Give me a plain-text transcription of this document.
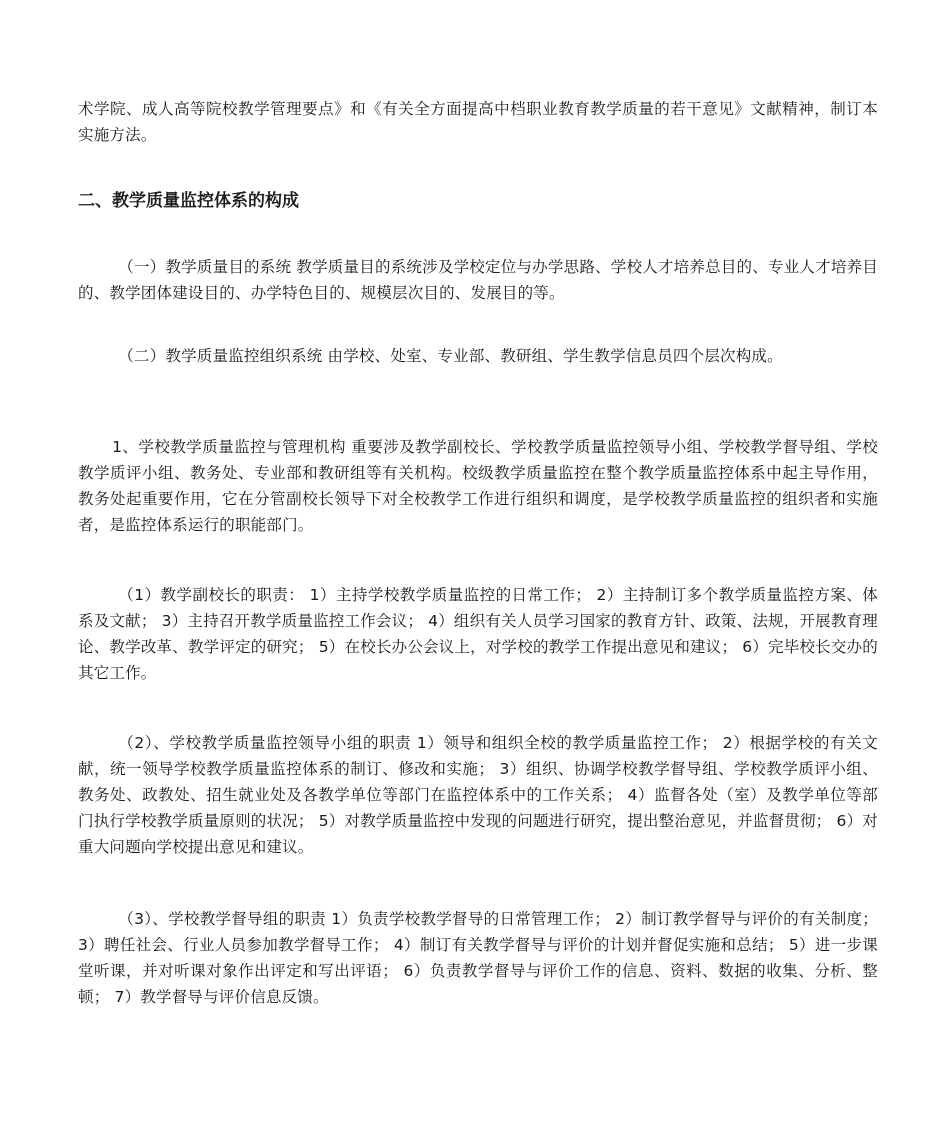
术学院、成人高等院校教学管理要点》和《有关全方面提高中档职业教育教学质量的若干意见》文献精神，制订本实施方法。

二、教学质量监控体系的构成

（一）教学质量目的系统 教学质量目的系统涉及学校定位与办学思路、学校人才培养总目的、专业人才培养目的、教学团体建设目的、办学特色目的、规模层次目的、发展目的等。

（二）教学质量监控组织系统 由学校、处室、专业部、教研组、学生教学信息员四个层次构成。

1、学校教学质量监控与管理机构 重要涉及教学副校长、学校教学质量监控领导小组、学校教学督导组、学校教学质评小组、教务处、专业部和教研组等有关机构。校级教学质量监控在整个教学质量监控体系中起主导作用，教务处起重要作用，它在分管副校长领导下对全校教学工作进行组织和调度，是学校教学质量监控的组织者和实施者，是监控体系运行的职能部门。

（1）教学副校长的职责： 1）主持学校教学质量监控的日常工作； 2）主持制订多个教学质量监控方案、体系及文献； 3）主持召开教学质量监控工作会议； 4）组织有关人员学习国家的教育方针、政策、法规，开展教育理论、教学改革、教学评定的研究； 5）在校长办公会议上，对学校的教学工作提出意见和建议； 6）完毕校长交办的其它工作。

（2）、学校教学质量监控领导小组的职责 1）领导和组织全校的教学质量监控工作； 2）根据学校的有关文献，统一领导学校教学质量监控体系的制订、修改和实施； 3）组织、协调学校教学督导组、学校教学质评小组、教务处、政教处、招生就业处及各教学单位等部门在监控体系中的工作关系； 4）监督各处（室）及教学单位等部门执行学校教学质量原则的状况； 5）对教学质量监控中发现的问题进行研究，提出整治意见，并监督贯彻； 6）对重大问题向学校提出意见和建议。

（3）、学校教学督导组的职责 1）负责学校教学督导的日常管理工作； 2）制订教学督导与评价的有关制度； 3）聘任社会、行业人员参加教学督导工作； 4）制订有关教学督导与评价的计划并督促实施和总结； 5）进一步课堂听课，并对听课对象作出评定和写出评语； 6）负责教学督导与评价工作的信息、资料、数据的收集、分析、整顿； 7）教学督导与评价信息反馈。
